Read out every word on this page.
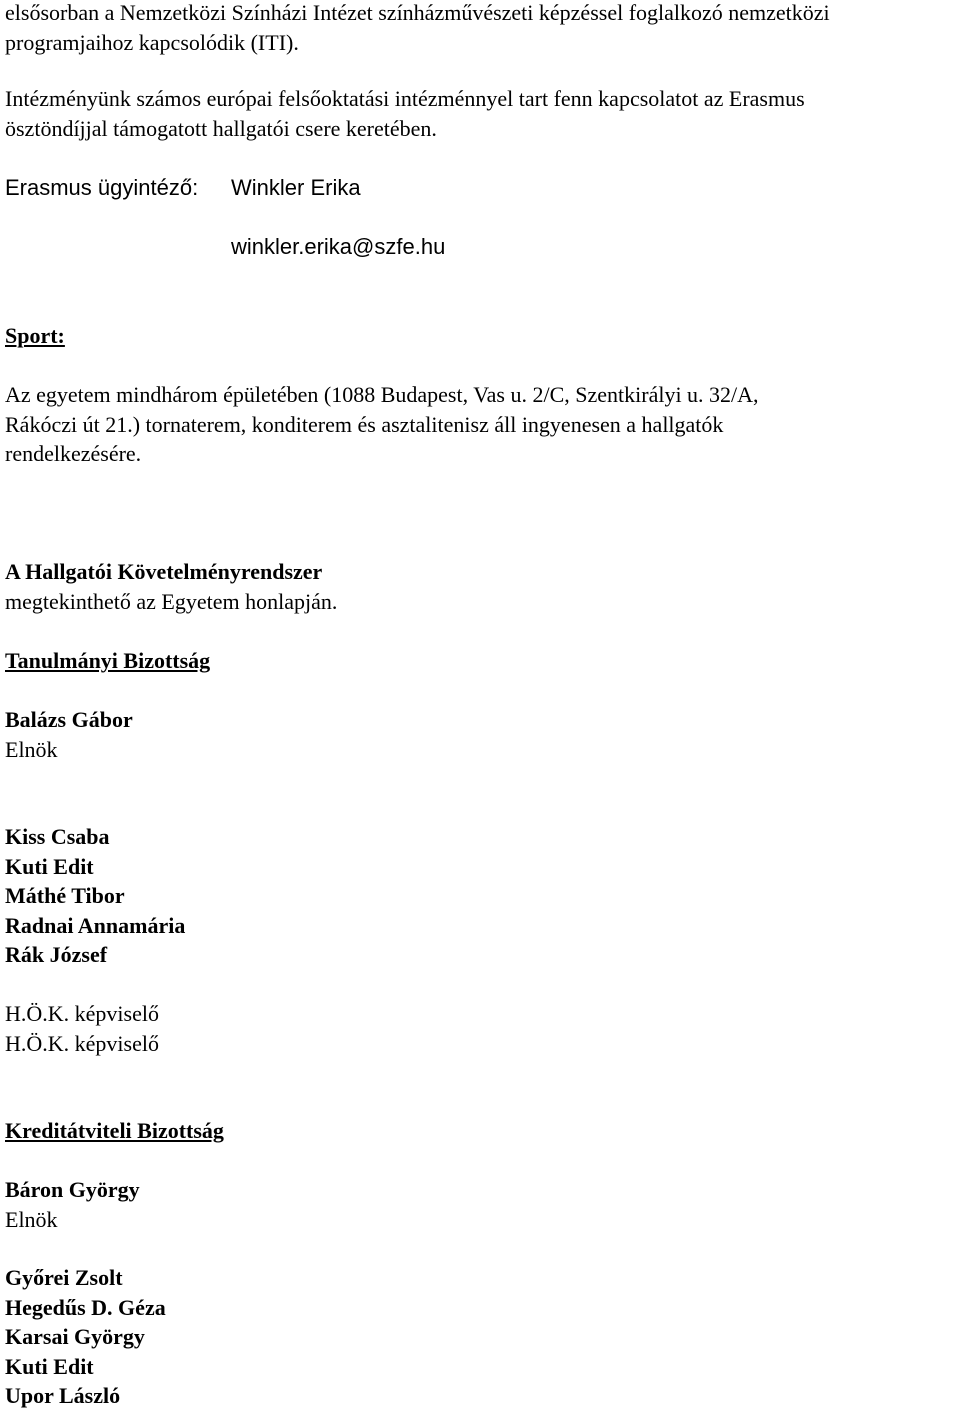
elsősorban a Nemzetközi Színházi Intézet színházművészeti képzéssel foglalkozó nemzetközi
programjaihoz kapcsolódik (ITI).
Intézményünk számos európai felsőoktatási intézménnyel tart fenn kapcsolatot az Erasmus
ösztöndíjjal támogatott hallgatói csere keretében.
Erasmus ügyintéző: Winkler Erika
winkler.erika@szfe.hu
Sport:
Az egyetem mindhárom épületében (1088 Budapest, Vas u. 2/C, Szentkirályi u. 32/A,
Rákóczi út 21.) tornaterem, konditerem és asztalitenisz áll ingyenesen a hallgatók
rendelkezésére.
A Hallgatói Követelményrendszer
megtekinthető az Egyetem honlapján.
Tanulmányi Bizottság
Balázs Gábor
Elnök
Kiss Csaba
Kuti Edit
Máthé Tibor
Radnai Annamária
Rák József
H.Ö.K. képviselő
H.Ö.K. képviselő
Kreditátviteli Bizottság
Báron György
Elnök
Győrei Zsolt
Hegedűs D. Géza
Karsai György
Kuti Edit
Upor László
